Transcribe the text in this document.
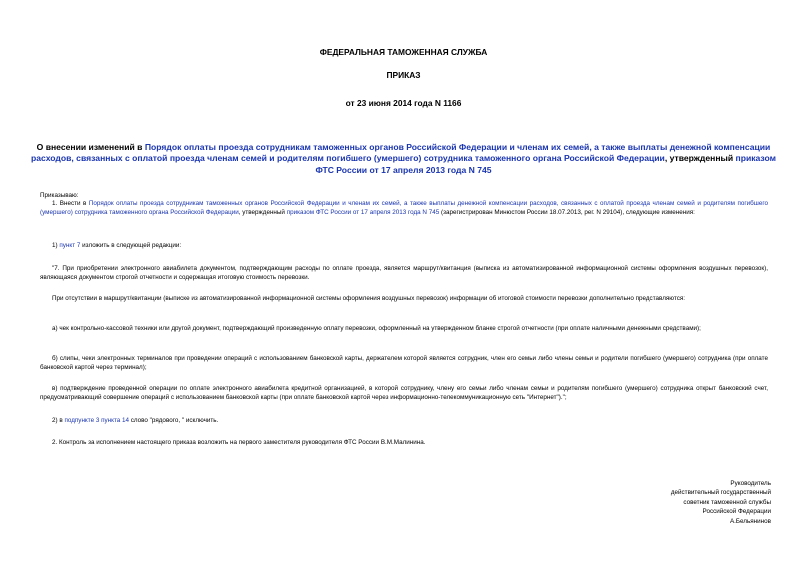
ФЕДЕРАЛЬНАЯ ТАМОЖЕННАЯ СЛУЖБА
ПРИКАЗ
от 23 июня 2014 года N 1166
О внесении изменений в Порядок оплаты проезда сотрудникам таможенных органов Российской Федерации и членам их семей, а также выплаты денежной компенсации расходов, связанных с оплатой проезда членам семей и родителям погибшего (умершего) сотрудника таможенного органа Российской Федерации, утвержденный приказом ФТС России от 17 апреля 2013 года N 745

Приказываю:

1. Внести в Порядок оплаты проезда сотрудникам таможенных органов Российской Федерации и членам их семей, а также выплаты денежной компенсации расходов, связанных с оплатой проезда членам семей и родителям погибшего (умершего) сотрудника таможенного органа Российской Федерации, утвержденный приказом ФТС России от 17 апреля 2013 года N 745 (зарегистрирован Минюстом России 18.07.2013, рег. N 29104), следующие изменения:

1) пункт 7 изложить в следующей редакции:

"7. При приобретении электронного авиабилета документом, подтверждающим расходы по оплате проезда, является маршрут/квитанция (выписка из автоматизированной информационной системы оформления воздушных перевозок), являющаяся документом строгой отчетности и содержащая итоговую стоимость перевозки.

При отсутствии в маршрут/квитанции (выписке из автоматизированной информационной системы оформления воздушных перевозок) информации об итоговой стоимости перевозки дополнительно представляются:

а) чек контрольно-кассовой техники или другой документ, подтверждающий произведенную оплату перевозки, оформленный на утвержденном бланке строгой отчетности (при оплате наличными денежными средствами);

б) слипы, чеки электронных терминалов при проведении операций с использованием банковской карты, держателем которой является сотрудник, член его семьи либо члены семьи и родители погибшего (умершего) сотрудника (при оплате банковской картой через терминал);

в) подтверждение проведенной операции по оплате электронного авиабилета кредитной организацией, в которой сотруднику, члену его семьи либо членам семьи и родителям погибшего (умершего) сотрудника открыт банковский счет, предусматривающий совершение операций с использованием банковской карты (при оплате банковской картой через информационно-телекоммуникационную сеть "Интернет").";

2) в подпункте 3 пункта 14 слово "рядового, " исключить.

2. Контроль за исполнением настоящего приказа возложить на первого заместителя руководителя ФТС России В.М.Малинина.

Руководитель
действительный государственный
советник таможенной службы
Российской Федерации
А.Бельянинов
